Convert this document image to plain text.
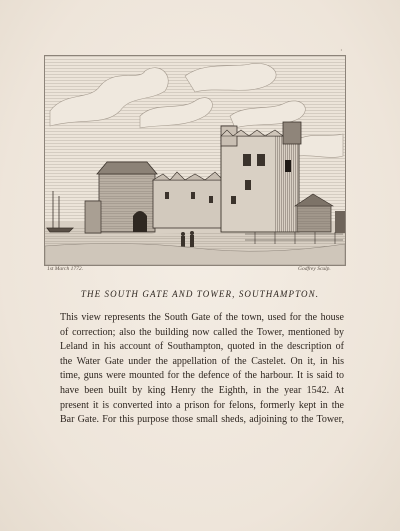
·
1st March 1772.	Godfrey Sculp.
THE SOUTH GATE AND TOWER, SOUTHAMPTON.
This view represents the South Gate of the town, used for the house
of correction; also the building now called the Tower, mentioned by
Leland in his account of Southampton, quoted in the description of
the Water Gate under the appellation of the Castelet. On it, in his
time, guns were mounted for the defence of the harbour. It is said to
have been built by king Henry the Eighth, in the year 1542. At
present it is converted into a prison for felons, formerly kept in the
Bar Gate. For this purpose those small sheds, adjoining to the Tower,
